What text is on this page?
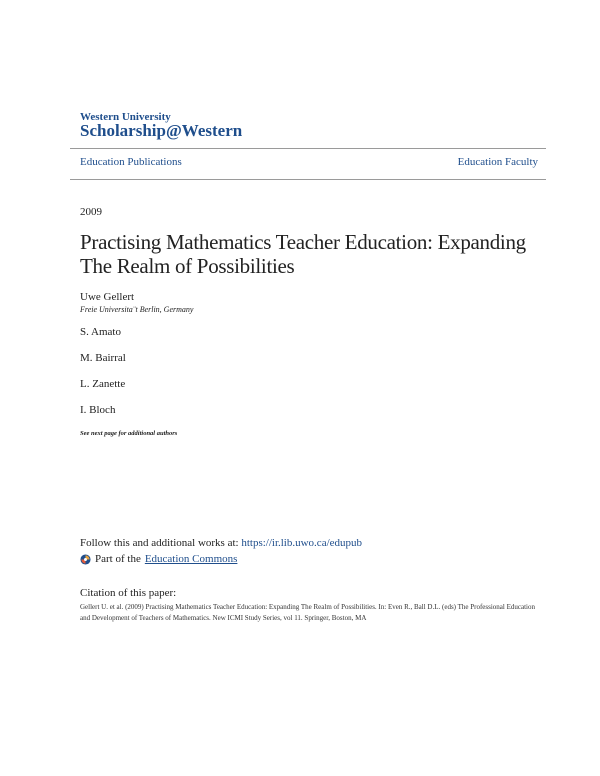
Western University
Scholarship@Western
Education Publications	Education Faculty
2009
Practising Mathematics Teacher Education: Expanding The Realm of Possibilities
Uwe Gellert
Freie Universita¨t Berlin, Germany
S. Amato
M. Bairral
L. Zanette
I. Bloch
See next page for additional authors
Follow this and additional works at: https://ir.lib.uwo.ca/edupub
Part of the Education Commons
Citation of this paper:
Gellert U. et al. (2009) Practising Mathematics Teacher Education: Expanding The Realm of Possibilities. In: Even R., Ball D.L. (eds) The Professional Education and Development of Teachers of Mathematics. New ICMI Study Series, vol 11. Springer, Boston, MA
